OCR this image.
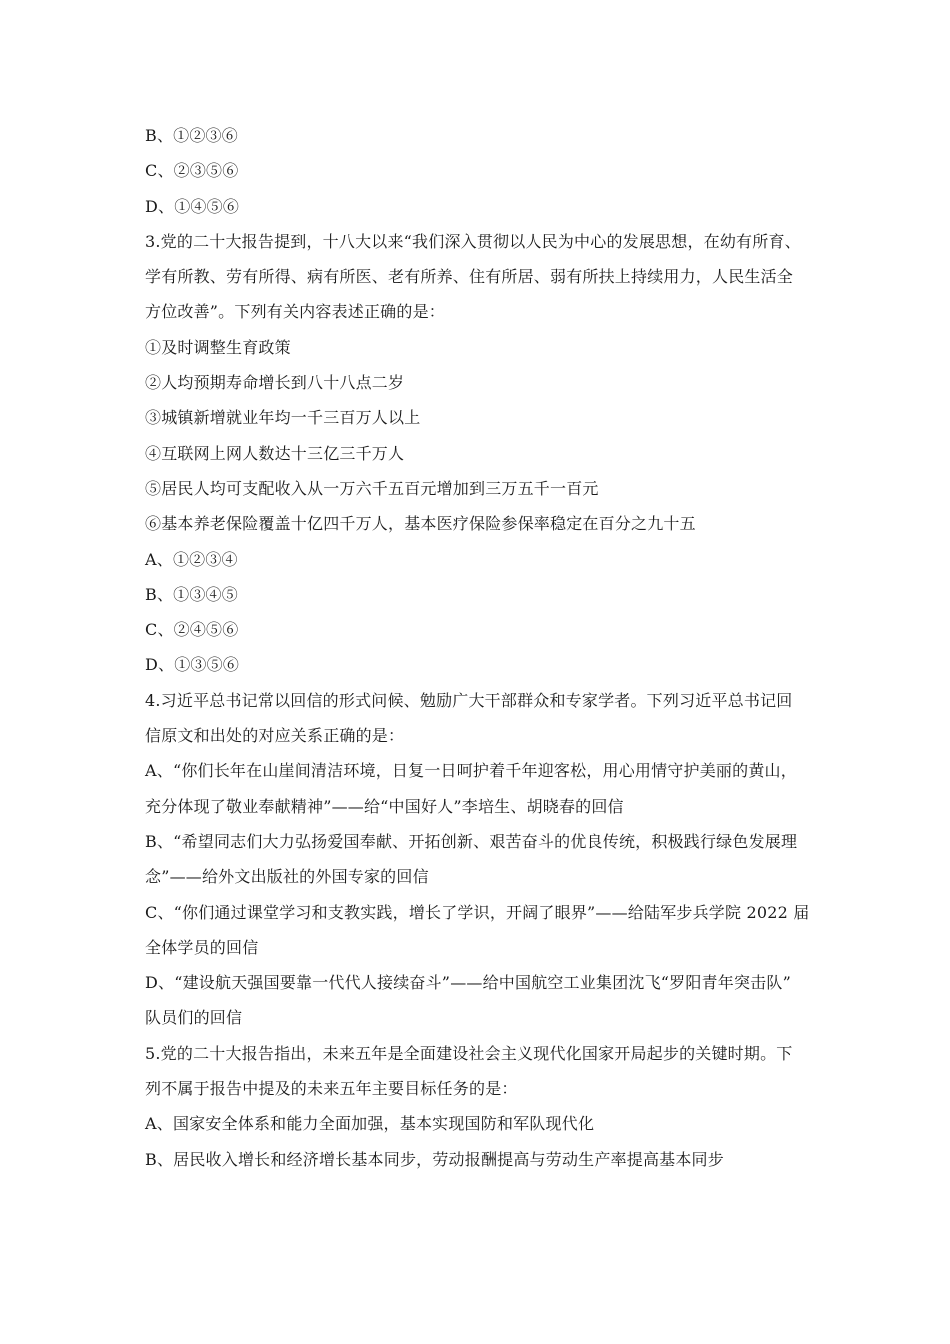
B、①②③⑥
C、②③⑤⑥
D、①④⑤⑥
3.党的二十大报告提到，十八大以来“我们深入贯彻以人民为中心的发展思想，在幼有所育、
学有所教、劳有所得、病有所医、老有所养、住有所居、弱有所扶上持续用力，人民生活全
方位改善”。下列有关内容表述正确的是：
①及时调整生育政策
②人均预期寿命增长到八十八点二岁
③城镇新增就业年均一千三百万人以上
④互联网上网人数达十三亿三千万人
⑤居民人均可支配收入从一万六千五百元增加到三万五千一百元
⑥基本养老保险覆盖十亿四千万人，基本医疗保险参保率稳定在百分之九十五
A、①②③④
B、①③④⑤
C、②④⑤⑥
D、①③⑤⑥
4.习近平总书记常以回信的形式问候、勉励广大干部群众和专家学者。下列习近平总书记回
信原文和出处的对应关系正确的是：
A、“你们长年在山崖间清洁环境，日复一日呵护着千年迎客松，用心用情守护美丽的黄山，
充分体现了敬业奉献精神”——给“中国好人”李培生、胡晓春的回信
B、“希望同志们大力弘扬爱国奉献、开拓创新、艰苦奋斗的优良传统，积极践行绿色发展理
念”——给外文出版社的外国专家的回信
C、“你们通过课堂学习和支教实践，增长了学识，开阔了眼界”——给陆军步兵学院 2022 届
全体学员的回信
D、“建设航天强国要靠一代代人接续奋斗”——给中国航空工业集团沈飞“罗阳青年突击队”
队员们的回信
5.党的二十大报告指出，未来五年是全面建设社会主义现代化国家开局起步的关键时期。下
列不属于报告中提及的未来五年主要目标任务的是：
A、国家安全体系和能力全面加强，基本实现国防和军队现代化
B、居民收入增长和经济增长基本同步，劳动报酬提高与劳动生产率提高基本同步
